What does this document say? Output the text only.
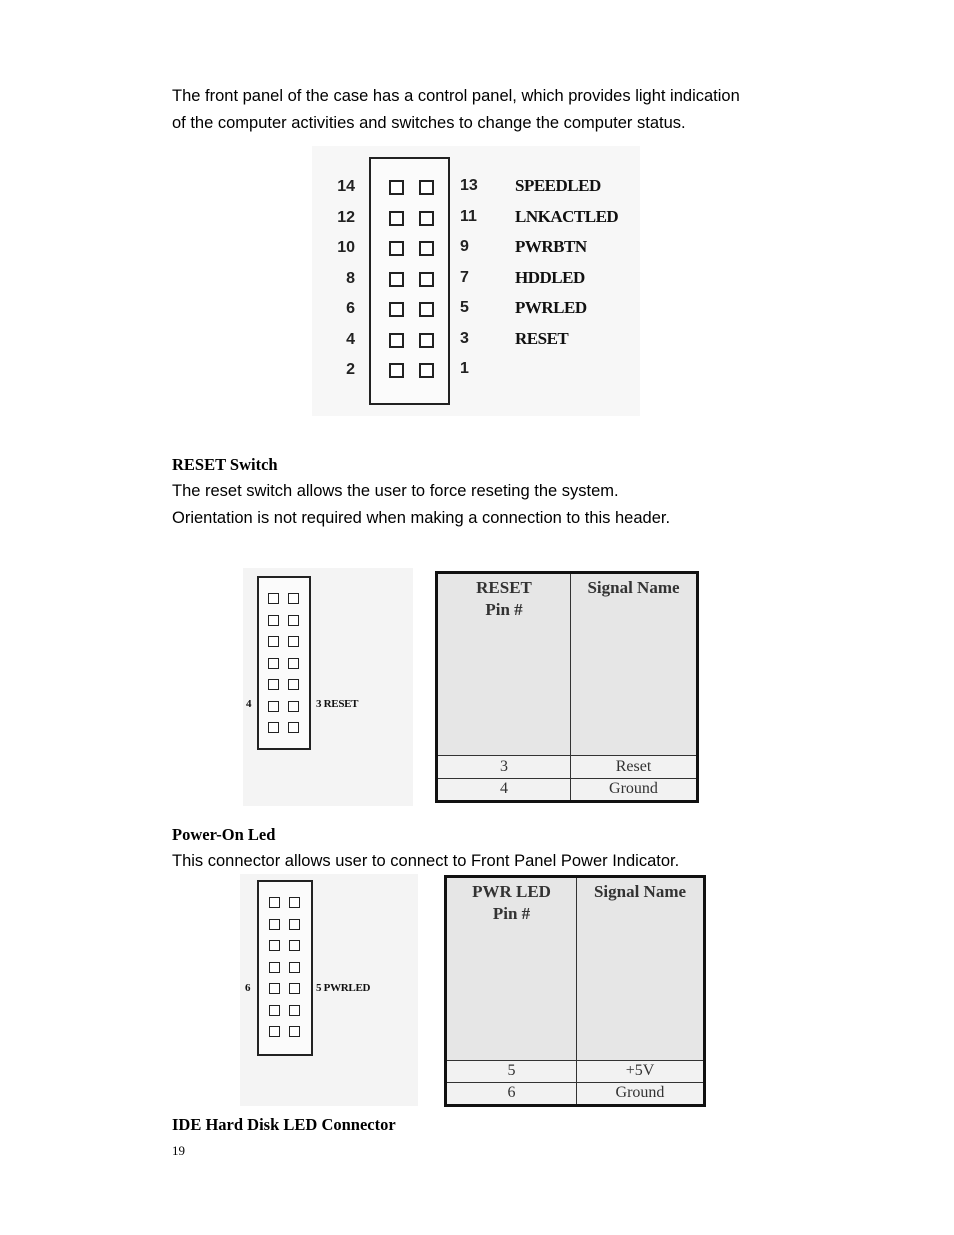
The front panel of the case has a control panel, which provides light indication
of the computer activities and switches to change the computer status.
14	13 SPEEDLED
12	11 LNKACTLED
10	9	PWRBTN
8	7	HDDLED
6	5	PWRLED
4	3	RESET
2	1
RESET Switch
The reset switch allows the user to force reseting the system.
Orientation is not required when making a connection to this header.
4	3 RESET
RESET
Pin #	Signal Name
3	Reset
4	Ground
Power-On Led
This connector allows user to connect to Front Panel Power Indicator.
6	5 PWRLED
PWR LED
Pin #	Signal Name
5	+5V
6	Ground
IDE Hard Disk LED Connector
19
